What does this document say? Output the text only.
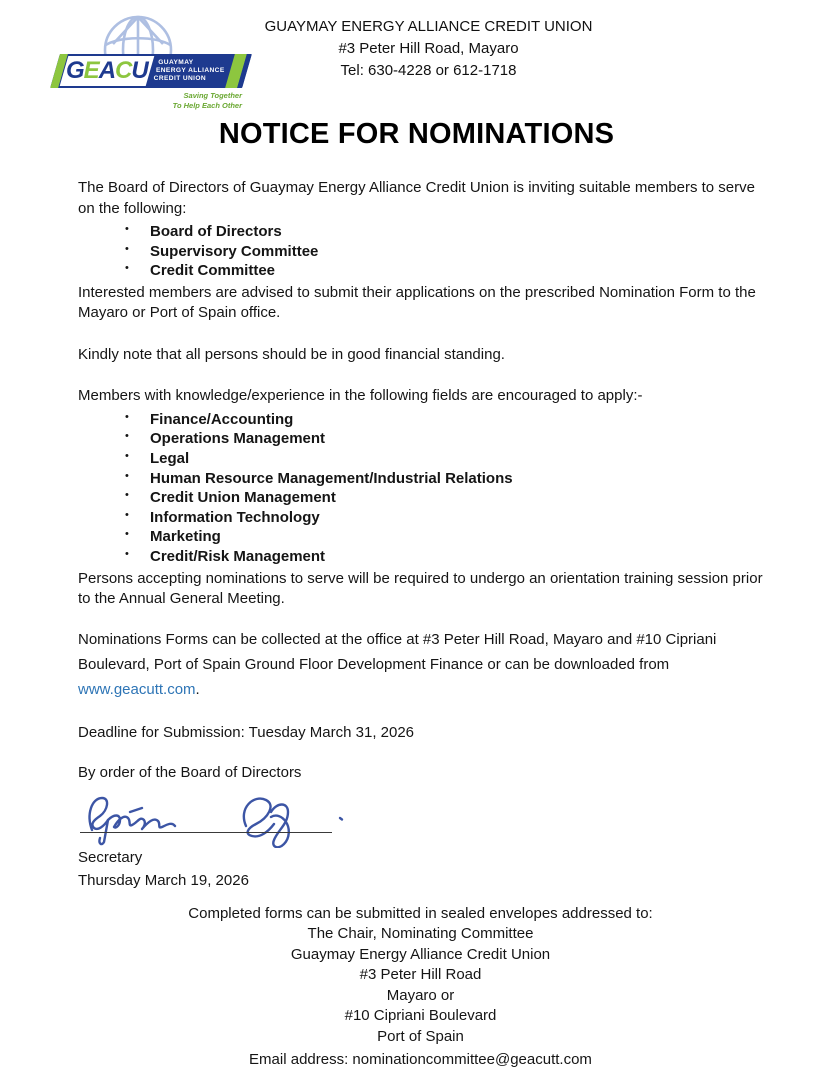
GEACU GUAYMAY
ENERGY ALLIANCE
CREDIT UNION
Saving Together
To Help Each Other
GUAYMAY ENERGY ALLIANCE CREDIT UNION
#3 Peter Hill Road, Mayaro
Tel: 630-4228 or 612-1718
NOTICE FOR NOMINATIONS

The Board of Directors of Guaymay Energy Alliance Credit Union is inviting suitable members to serve on the following:

• Board of Directors
• Supervisory Committee
• Credit Committee

Interested members are advised to submit their applications on the prescribed Nomination Form to the Mayaro or Port of Spain office.

Kindly note that all persons should be in good financial standing.

Members with knowledge/experience in the following fields are encouraged to apply:-

• Finance/Accounting
• Operations Management
• Legal
• Human Resource Management/Industrial Relations
• Credit Union Management
• Information Technology
• Marketing
• Credit/Risk Management

Persons accepting nominations to serve will be required to undergo an orientation training session prior to the Annual General Meeting.

Nominations Forms can be collected at the office at #3 Peter Hill Road, Mayaro and #10 Cipriani Boulevard, Port of Spain Ground Floor Development Finance or can be downloaded from www.geacutt.com.

Deadline for Submission: Tuesday March 31, 2026

By order of the Board of Directors

Secretary

Thursday March 19, 2026

Completed forms can be submitted in sealed envelopes addressed to:
The Chair, Nominating Committee
Guaymay Energy Alliance Credit Union
#3 Peter Hill Road
Mayaro or
#10 Cipriani Boulevard
Port of Spain
Email address: nominationcommittee@geacutt.com
